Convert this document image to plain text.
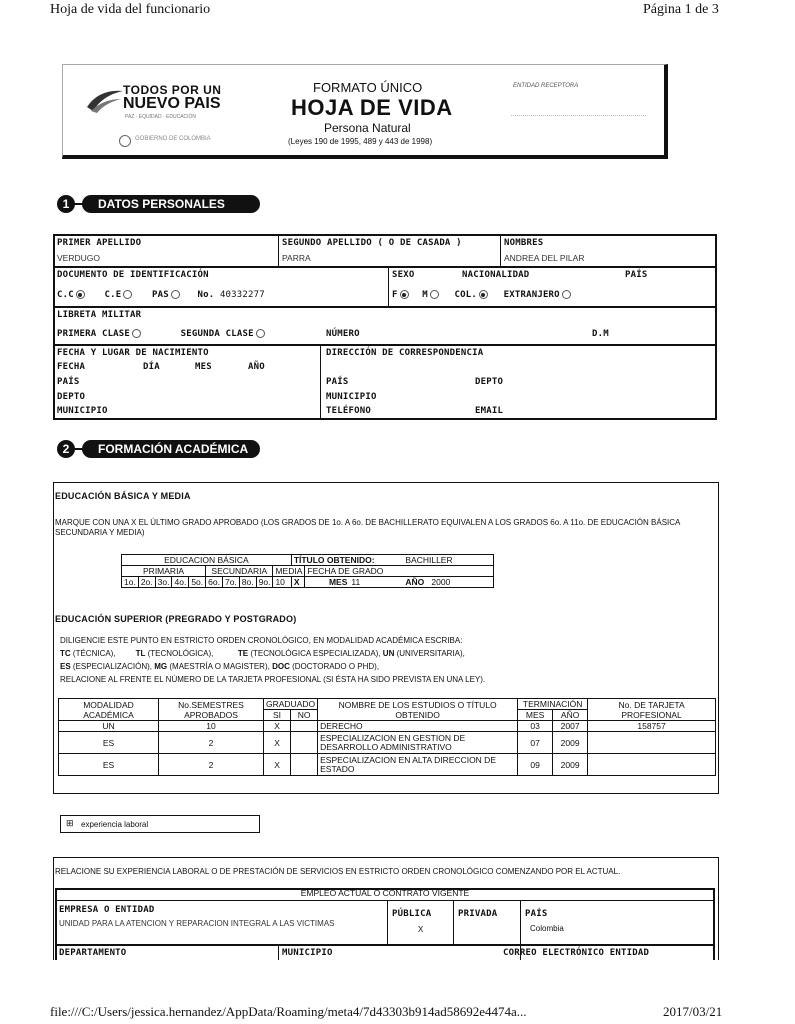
Hoja de vida del funcionario	Página 1 de 3
TODOS POR UN
NUEVO PAIS
PAZ · EQUIDAD · EDUCACIÓN
GOBIERNO DE COLOMBIA
FORMATO ÚNICO
HOJA DE VIDA
Persona Natural
(Leyes 190 de 1995, 489 y 443 de 1998)
ENTIDAD RECEPTORA
1	DATOS PERSONALES
PRIMER APELLIDO
VERDUGO
SEGUNDO APELLIDO ( O DE CASADA )
PARRA
NOMBRES
ANDREA DEL PILAR
DOCUMENTO DE IDENTIFICACIÓN
C.C	C.E	PAS	No. 40332277
SEXO	NACIONALIDAD	PAÍS
F	M	COL.	EXTRANJERO
LIBRETA MILITAR
PRIMERA CLASE	SEGUNDA CLASE	NÚMERO	D.M
FECHA Y LUGAR DE NACIMIENTO
FECHA	DÍA	MES	AÑO
PAÍS
DEPTO
MUNICIPIO
DIRECCIÓN DE CORRESPONDENCIA
PAÍS	DEPTO
MUNICIPIO
TELÉFONO	EMAIL
2	FORMACIÓN ACADÉMICA
EDUCACIÓN BÁSICA Y MEDIA
MARQUE CON UNA X EL ÚLTIMO GRADO APROBADO (LOS GRADOS DE 1o. A 6o. DE BACHILLERATO EQUIVALEN A LOS GRADOS 6o. A 11o. DE EDUCACIÓN BÁSICA SECUNDARIA Y MEDIA)
EDUCACION BÁSICA										TÍTULO OBTENIDO:			BACHILLER	
PRIMARIA					SECUNDARIA				MEDIA		FECHA DE GRADO			
1o.	2o.	3o.	4o.	5o.	6o.	7o.	8o.	9o.	10	X	MES	11	AÑO	2000
EDUCACIÓN SUPERIOR (PREGRADO Y POSTGRADO)
DILIGENCIE ESTE PUNTO EN ESTRICTO ORDEN CRONOLÓGICO, EN MODALIDAD ACADÉMICA ESCRIBA:
TC (TÉCNICA),	TL (TECNOLÓGICA),	TE (TECNOLÓGICA ESPECIALIZADA), UN (UNIVERSITARIA),
ES (ESPECIALIZACIÓN), MG (MAESTRÍA O MAGISTER), DOC (DOCTORADO O PHD),
RELACIONE AL FRENTE EL NÚMERO DE LA TARJETA PROFESIONAL (SI ÉSTA HA SIDO PREVISTA EN UNA LEY).
MODALIDAD ACADÉMICA	No.SEMESTRES APROBADOS	GRADUADO		NOMBRE DE LOS ESTUDIOS O TÍTULO OBTENIDO	TERMINACIÓN		No. DE TARJETA PROFESIONAL
		SI	NO		MES	AÑO	
UN	10	X		DERECHO	03	2007	158757
ES	2	X		ESPECIALIZACION EN GESTION DE DESARROLLO ADMINISTRATIVO	07	2009	
ES	2	X		ESPECIALIZACION EN ALTA DIRECCION DE ESTADO	09	2009	
⊞ experiencia laboral
RELACIONE SU EXPERIENCIA LABORAL O DE PRESTACIÓN DE SERVICIOS EN ESTRICTO ORDEN CRONOLÓGICO COMENZANDO POR EL ACTUAL.
EMPLEO ACTUAL O CONTRATO VIGENTE
EMPRESA O ENTIDAD
UNIDAD PARA LA ATENCION Y REPARACION INTEGRAL A LAS VICTIMAS
PÚBLICA
X
PRIVADA	PAÍS
Colombia
DEPARTAMENTO	MUNICIPIO	CORREO ELECTRÓNICO ENTIDAD
file:///C:/Users/jessica.hernandez/AppData/Roaming/meta4/7d43303b914ad58692e4474a...	2017/03/21
